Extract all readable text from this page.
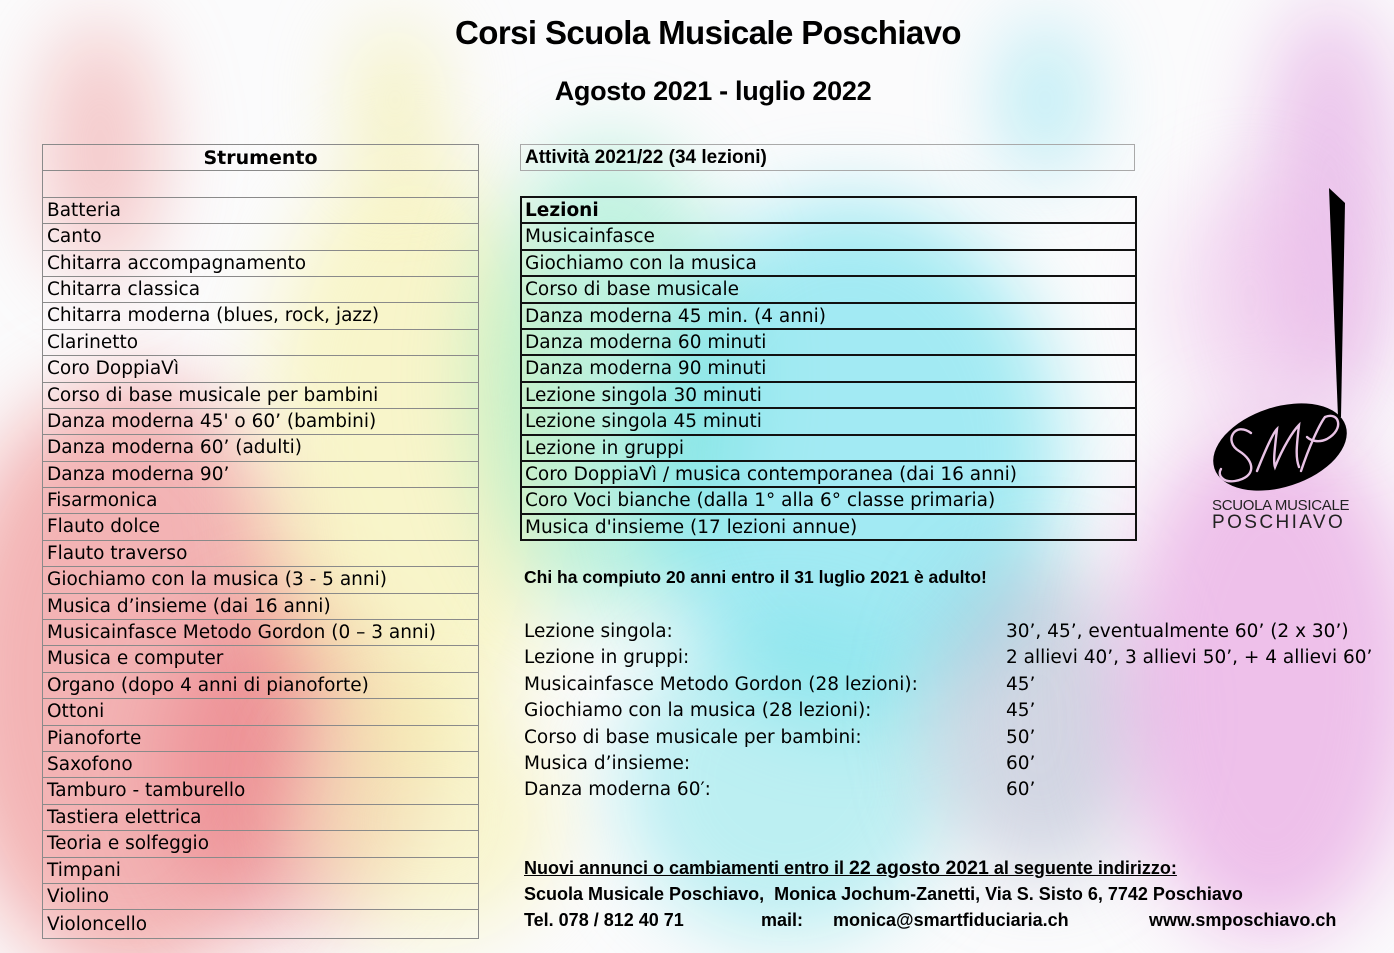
Corsi Scuola Musicale Poschiavo
Agosto 2021 - luglio 2022
Strumento
Batteria
Canto
Chitarra accompagnamento
Chitarra classica
Chitarra moderna (blues, rock, jazz)
Clarinetto
Coro DoppiaVì
Corso di base musicale per bambini
Danza moderna 45' o 60’ (bambini)
Danza moderna 60’ (adulti)
Danza moderna 90’
Fisarmonica
Flauto dolce
Flauto traverso
Giochiamo con la musica (3 - 5 anni)
Musica d’insieme (dai 16 anni)
Musicainfasce Metodo Gordon (0 – 3 anni)
Musica e computer
Organo (dopo 4 anni di pianoforte)
Ottoni
Pianoforte
Saxofono
Tamburo - tamburello
Tastiera elettrica
Teoria e solfeggio
Timpani
Violino
Violoncello
Attività 2021/22 (34 lezioni)
Lezioni
Musicainfasce
Giochiamo con la musica
Corso di base musicale
Danza moderna 45 min. (4 anni)
Danza moderna 60 minuti
Danza moderna 90 minuti
Lezione singola 30 minuti
Lezione singola 45 minuti
Lezione in gruppi
Coro DoppiaVì / musica contemporanea (dai 16 anni)
Coro Voci bianche (dalla 1° alla 6° classe primaria)
Musica d'insieme (17 lezioni annue)
Chi ha compiuto 20 anni entro il 31 luglio 2021 è adulto!
Lezione singola:	30’, 45’, eventualmente 60’ (2 x 30’)
Lezione in gruppi:	2 allievi 40’, 3 allievi 50’, + 4 allievi 60’
Musicainfasce Metodo Gordon (28 lezioni):	45’
Giochiamo con la musica (28 lezioni):	45’
Corso di base musicale per bambini:	50’
Musica d’insieme:	60’
Danza moderna 60′:	60’
Nuovi annunci o cambiamenti entro il 22 agosto 2021 al seguente indirizzo:
Scuola Musicale Poschiavo,  Monica Jochum-Zanetti, Via S. Sisto 6, 7742 Poschiavo
Tel. 078 / 812 40 71	mail: monica@smartfiduciaria.ch	www.smposchiavo.ch
SCUOLA MUSICALE
POSCHIAVO
